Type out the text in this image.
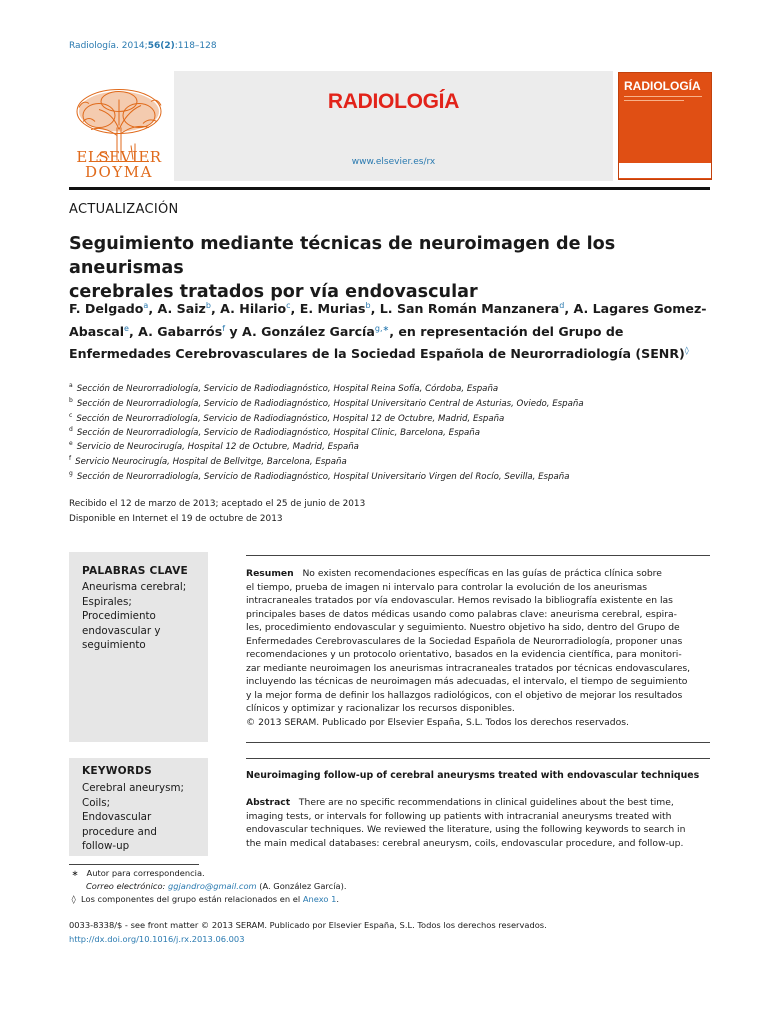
Radiología. 2014;56(2):118–128
ELSEVIER
DOYMA
RADIOLOGÍA
www.elsevier.es/rx
RADIOLOGÍA
ACTUALIZACIÓN
Seguimiento mediante técnicas de neuroimagen de los aneurismas
cerebrales tratados por vía endovascular
F. Delgado$^a$, A. Saiz$^b$, A. Hilario$^c$, E. Murias$^b$, L. San Román Manzanera$^d$, A. Lagares Gomez-Abascal$^e$, A. Gabarrós$^f$ y A. González García$^{g,∗}$, en representación del Grupo de Enfermedades Cerebrovasculares de la Sociedad Española de Neurorradiología (SENR)◊
$^a$ Sección de Neurorradiología, Servicio de Radiodiagnóstico, Hospital Reina Sofía, Córdoba, España
$^b$ Sección de Neurorradiología, Servicio de Radiodiagnóstico, Hospital Universitario Central de Asturias, Oviedo, España
$^c$ Sección de Neurorradiología, Servicio de Radiodiagnóstico, Hospital 12 de Octubre, Madrid, España
$^d$ Sección de Neurorradiología, Servicio de Radiodiagnóstico, Hospital Clinic, Barcelona, España
$^e$ Servicio de Neurocirugía, Hospital 12 de Octubre, Madrid, España
$^f$ Servicio Neurocirugía, Hospital de Bellvitge, Barcelona, España
$^g$ Sección de Neurorradiología, Servicio de Radiodiagnóstico, Hospital Universitario Virgen del Rocío, Sevilla, España
Recibido el 12 de marzo de 2013; aceptado el 25 de junio de 2013
Disponible en Internet el 19 de octubre de 2013
PALABRAS CLAVE
Aneurisma cerebral;
Espirales;
Procedimiento
endovascular y
seguimiento
Resumen No existen recomendaciones específicas en las guías de práctica clínica sobre
el tiempo, prueba de imagen ni intervalo para controlar la evolución de los aneurismas
intracraneales tratados por vía endovascular. Hemos revisado la bibliografía existente en las
principales bases de datos médicas usando como palabras clave: aneurisma cerebral, espira-
les, procedimiento endovascular y seguimiento. Nuestro objetivo ha sido, dentro del Grupo de
Enfermedades Cerebrovasculares de la Sociedad Española de Neurorradiología, proponer unas
recomendaciones y un protocolo orientativo, basados en la evidencia científica, para monitori-
zar mediante neuroimagen los aneurismas intracraneales tratados por técnicas endovasculares,
incluyendo las técnicas de neuroimagen más adecuadas, el intervalo, el tiempo de seguimiento
y la mejor forma de definir los hallazgos radiológicos, con el objetivo de mejorar los resultados
clínicos y optimizar y racionalizar los recursos disponibles.
© 2013 SERAM. Publicado por Elsevier España, S.L. Todos los derechos reservados.
KEYWORDS
Cerebral aneurysm;
Coils;
Endovascular
procedure and
follow-up
Neuroimaging follow-up of cerebral aneurysms treated with endovascular techniques
Abstract There are no specific recommendations in clinical guidelines about the best time,
imaging tests, or intervals for following up patients with intracranial aneurysms treated with
endovascular techniques. We reviewed the literature, using the following keywords to search in
the main medical databases: cerebral aneurysm, coils, endovascular procedure, and follow-up.
∗ Autor para correspondencia.
Correo electrónico: ggjandro@gmail.com (A. González García).
◊ Los componentes del grupo están relacionados en el Anexo 1.
0033-8338/$ - see front matter © 2013 SERAM. Publicado por Elsevier España, S.L. Todos los derechos reservados.
http://dx.doi.org/10.1016/j.rx.2013.06.003
